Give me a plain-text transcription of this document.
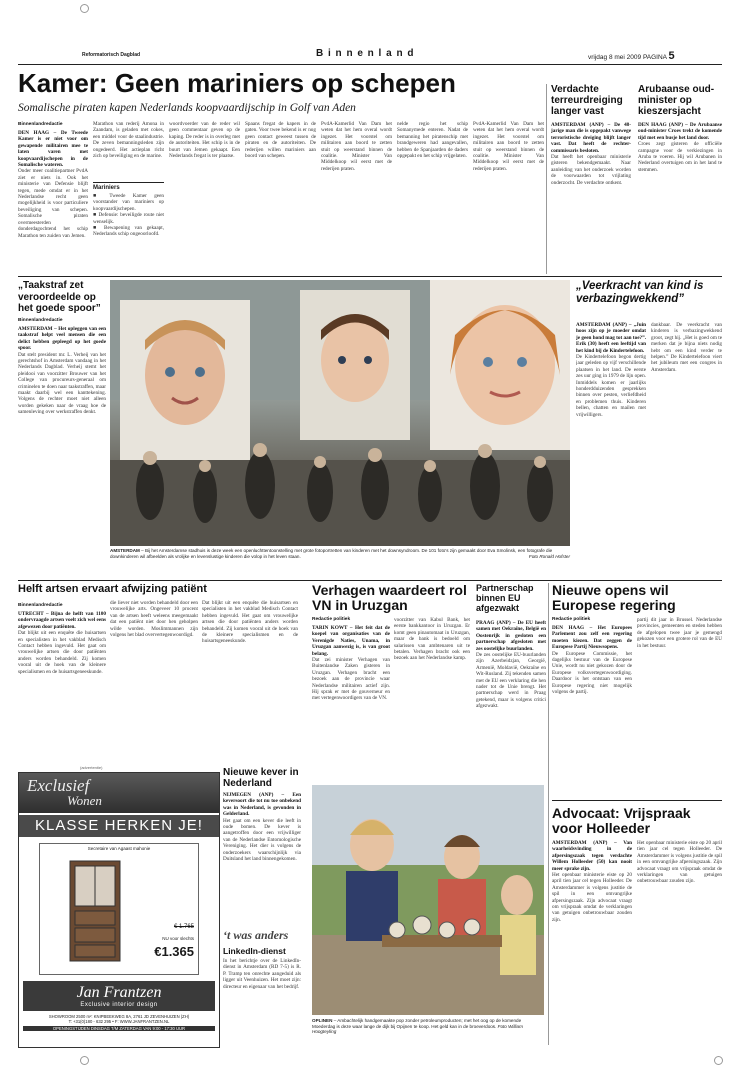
Reformatorisch Dagblad	B i n n e n l a n d	vrijdag 8 mei 2009 PAGINA 5
Kamer: Geen mariniers op schepen
Somalische piraten kapen Nederlands koopvaardijschip in Golf van Aden
Binnenlandredactie
DEN HAAG – De Tweede Kamer is er niet voor om gewapende militairen mee te laten varen met koopvaardijschepen in de Somalische wateren.
Onder meer coalitiepartner PvdA ziet er niets in. Ook het ministerie van Defensie blijft tegen, mede omdat er in het Nederlandse recht geen mogelijkheid is voor particuliere beveiliging van schepen. Somalische piraten overmeesterden donderdagochtend het schip Marathon ten zuiden van Jemen.
Marathon van rederij Amona in Zaandam, is geladen met cokes, een middel voor de staalindustrie. De zeven bemanningsleden zijn ongedeerd. Het actieplan richt zich op beveiliging en de marine.
Mariniers
■ Tweede Kamer geen voorstander van mariniers op koopvaardijschepen.
■ Defensie: beveiligde route niet wenselijk.
■ Bewapening van gekaapt, Nederlands schip ongeoorloofd.
woordvoerder van de reder wil geen commentaar geven op de kaping. De reder is in overleg met de autoriteiten. Het schip is in de buurt van Jemen gekaapt. Een Nederlands fregat is ter plaatse.
Spaans fregat de kapers in de gaten. Voor twee bekend is er nog geen contact geweest tussen de piraten en de autoriteiten. De rederijen willen mariniers aan boord van schepen.
PvdA-Kamerlid Van Dam het weten dat het hem overal wordt ingezet. Het voorstel om militairen aan boord te zetten stuit op weerstand binnen de coalitie. Minister Van Middelkoop wil eerst met de rederijen praten.
nelde regio het schip Somanymede enteren. Nadat de bemanning het piratenschip met brandgeweren had aangevallen, hebben de Spanjaarden de daders opgepakt en het schip vrijgelaten.
PvdA-Kamerlid Van Dam het weten dat het hem overal wordt ingezet. Het voorstel om militairen aan boord te zetten stuit op weerstand binnen de coalitie. Minister Van Middelkoop wil eerst met de rederijen praten.
Verdachte terreurdreiging langer vast
AMSTERDAM (ANP) – De 48-jarige man die is opgepakt vanwege terroristische dreiging blijft langer vast. Dat heeft de rechter-commissaris besloten.
Dat heeft het openbaar ministerie gisteren bekendgemaakt. Naar aanleiding van het onderzoek worden de voorwaarden tot vrijlating onderzocht. De verdachte ontkent.
Arubaanse oud-minister op kieszersjacht
DEN HAAG (ANP) – De Arubaanse oud-minister Croes trekt de komende tijd met een busje het land door.
Croes zegt gisteren de officiële campagne voor de verkiezingen in Aruba te voeren. Hij wil Arubanen in Nederland overtuigen om in het land te stemmen.
„Taakstraf zet veroordeelde op het goede spoor”
Binnenlandredactie
AMSTERDAM – Het opleggen van een taakstraf helpt veel mensen die een delict hebben gepleegd op het goede spoor.
Dat stelt president mr. L. Verheij van het gerechtshof in Amsterdam vandaag in het Nederlands Dagblad. Verheij stemt het pleidooi van voorzitter Brouwer van het College van procureurs-generaal om criminelen te doen naar taakstraffen, maar maakt daarbij wel een kanttekening. Volgens de rechter moet niet alleen worden gekeken naar de vraag hoe de samenleving over werkstraffen denkt.
AMSTERDAM – Bij het Amsterdamse stadhuis is deze week een openluchttentoonstelling met grote fotoportretten van kinderen met het downsyndroom. De 101 foto’s zijn gemaakt door Eva Smolinsk, een fotografe die downkinderen wil afbeelden als vrolijke en levenslustige kinderen die volop in het leven staan.	Foto Ronald Hofster
„Veerkracht van kind is verbazingwekkend”
AMSTERDAM (ANP) – „Juin hoos zijn op je moeder omdat je geen hond mag tot aan toe?”. Erik (30) heeft een leeftijd van het kind bij de Kindertelefoon.
De Kindertelefoon begon dertig jaar geleden op vijf verschillende plaatsen in het land. De eerste zes uur ging in 1979 de lijn open. Inmiddels komen er jaarlijks honderdduizenden gesprekken binnen over pesten, verliefdheid en problemen thuis. Kinderen bellen, chatten en mailen met vrijwilligers.
dankbaar. De veerkracht van kinderen is verbazingwekkend groot, zegt hij. „Het is goed om te merken dat je bijna niets nodig hebt om een kind verder te helpen.” De Kindertelefoon viert het jubileum met een congres in Amsterdam.
Helft artsen ervaart afwijzing patiënt
Binnenlandredactie
UTRECHT – Bijna de helft van 1100 ondervraagde artsen voelt zich wel eens afgewezen door patiënten.
Dat blijkt uit een enquête die huisartsen en specialisten in het vakblad Medisch Contact hebben ingevuld. Het gaat om vrouwelijke artsen die door patiënten anders worden behandeld. Zij komen vooral uit de hoek van de kleinere specialismen en de huisartsgeneeskunde.
die liever niet worden behandeld door een vrouwelijke arts. Ongeveer 10 procent van de artsen heeft weleens meegemaakt dat een patiënt niet door hen geholpen wilde worden. Moslimmannen zijn volgens het blad oververtegenwoordigd.
Dat blijkt uit een enquête die huisartsen en specialisten in het vakblad Medisch Contact hebben ingevuld. Het gaat om vrouwelijke artsen die door patiënten anders worden behandeld. Zij komen vooral uit de hoek van de kleinere specialismen en de huisartsgeneeskunde.
(advertentie)
Exclusief
Wonen
KLASSE HERKEN JE!
Secretaire van Agaast mahonie
€ 1.765
NU voor slechts
€1.365
Jan Frantzen
Exclusive interior design
SHOWROOM 2500 m²: KNIPBEEKWEG 8A, 2761 JD ZEVENHUIZEN (ZH)
T: +31(0)180 - 632 295 • F: WWW.JANFRANTZEN.NL
OPENINGSTIJDEN DINSDAG T/M ZATERDAG VAN 9:00 - 17:30 UUR
Nieuwe kever in Nederland
NIJMEGEN (ANP) – Een keversoort die tot nu toe onbekend was in Nederland, is gevonden in Gelderland.
Het gaat om een kever die leeft in oude bomen. De kever is aangetroffen door een vrijwilliger van de Nederlandse Entomologische Vereniging. Het dier is volgens de onderzoekers waarschijnlijk via Duitsland het land binnengekomen.
‘t was anders
LinkedIn-dienst
In het berichtje over de LinkedIn-dienst in Amsterdam (RD 7-5) is R. P. Tramp ten onrechte aangeduid als ligger uit Veenhuizen. Het moet zijn: directeur en eigenaar van het bedrijf.
Verhagen waardeert rol VN in Uruzgan
Redactie politiek
TARIN KOWT – Het feit dat de koepel van organisaties van de Verenigde Naties, Unama, in Uruzgan aanwezig is, is van groot belang.
Dat zei minister Verhagen van Buitenlandse Zaken gisteren in Uruzgan. Verhagen bracht een bezoek aan de provincie waar Nederlandse militairen actief zijn. Hij sprak er met de gouverneur en met vertegenwoordigers van de VN.
voorzitter van Kabul Bank, het eerste bankkantoor in Uruzgan. Er komt geen pinautomaat in Uruzgan, maar de bank is bedoeld om salarissen van ambtenaren uit te betalen. Verhagen bracht ook een bezoek aan het Nederlandse kamp.
Partnerschap binnen EU afgezwakt
PRAAG (ANP) – De EU heeft samen met Oekraïne, België en Oostenrijk in gesloten een partnerschap afgesloten met zes oostelijke buurlanden.
De zes oostelijke EU-buurlanden zijn Azerbeidzjan, Georgië, Armenië, Moldavië, Oekraïne en Wit-Rusland. Zij tekenden samen met de EU een verklaring die hen nader tot de Unie brengt. Het partnerschap werd in Praag getekend, maar is volgens critici afgezwakt.
OPLINEN – Ambachtelijk handgemaakte pop zonder petroleumproducten; met het oog op de komende Moederdag is deze waar lange de dijk bij Opijnen te koop. Het geld kan in de broeverdoos. Foto William Hoogteyling
Nieuwe opens wil Europese regering
Redactie politiek
DEN HAAG – Het Europees Parlement zou zelf een regering moeten kiezen. Dat zeggen de Europese Partij Nieuwsopens.
De Europese Commissie, het dagelijks bestuur van de Europese Unie, wordt nu niet gekozen door de Europese volksvertegenwoordiging. Daardoor is het ontstaan van een Europese regering niet mogelijk volgens de partij.
partij dit jaar in Brussel. Nederlandse provincies, gemeenten en steden hebben de afgelopen twee jaar je gemengd gekozen voor een grotere rol van de EU in het bestuur.
Advocaat: Vrijspraak voor Holleeder
AMSTERDAM (ANP) – Van waarheidsvinding in de afpersingszaak tegen verdachte Willem Holleeder (50) kan nooit meer sprake zijn.
Het openbaar ministerie eiste op 20 april tien jaar cel tegen Holleeder. De Amsterdammer is volgens justitie de spil in een omvangrijke afpersingszaak. Zijn advocaat vraagt om vrijspraak omdat de verklaringen van getuigen onbetrouwbaar zouden zijn.
Het openbaar ministerie eiste op 20 april tien jaar cel tegen Holleeder. De Amsterdammer is volgens justitie de spil in een omvangrijke afpersingszaak. Zijn advocaat vraagt om vrijspraak omdat de verklaringen van getuigen onbetrouwbaar zouden zijn.
